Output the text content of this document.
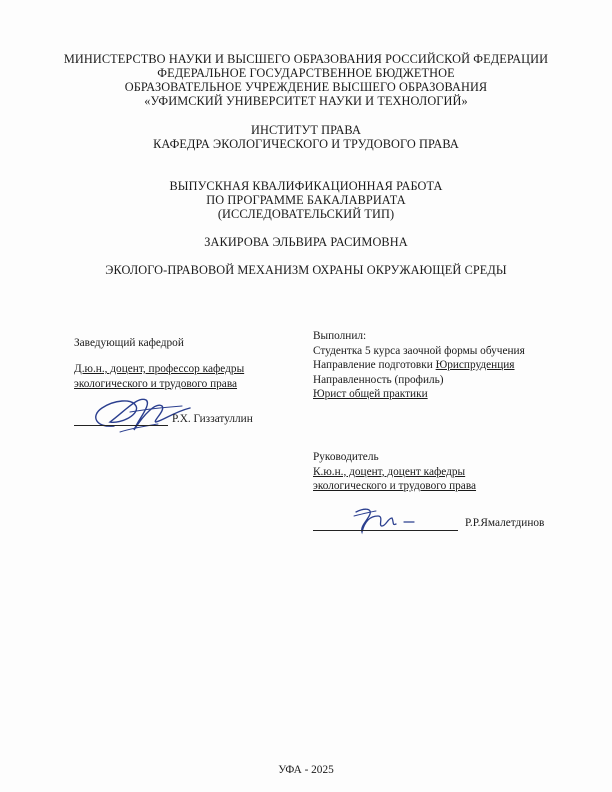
МИНИСТЕРСТВО НАУКИ И ВЫСШЕГО ОБРАЗОВАНИЯ РОССИЙСКОЙ ФЕДЕРАЦИИ
ФЕДЕРАЛЬНОЕ ГОСУДАРСТВЕННОЕ БЮДЖЕТНОЕ
ОБРАЗОВАТЕЛЬНОЕ УЧРЕЖДЕНИЕ ВЫСШЕГО ОБРАЗОВАНИЯ
«УФИМСКИЙ УНИВЕРСИТЕТ НАУКИ И ТЕХНОЛОГИЙ»
ИНСТИТУТ ПРАВА
КАФЕДРА ЭКОЛОГИЧЕСКОГО И ТРУДОВОГО ПРАВА
ВЫПУСКНАЯ КВАЛИФИКАЦИОННАЯ РАБОТА
ПО ПРОГРАММЕ БАКАЛАВРИАТА
(ИССЛЕДОВАТЕЛЬСКИЙ ТИП)
ЗАКИРОВА ЭЛЬВИРА РАСИМОВНА
ЭКОЛОГО-ПРАВОВОЙ МЕХАНИЗМ ОХРАНЫ ОКРУЖАЮЩЕЙ СРЕДЫ
Заведующий кафедрой
Д.ю.н., доцент, профессор кафедры
экологического и трудового права
Р.Х. Гиззатуллин
Выполнил:
Студентка 5 курса заочной формы обучения
Направление подготовки Юриспруденция
Направленность (профиль)
Юрист общей практики
Руководитель
К.ю.н., доцент, доцент кафедры
экологического и трудового права
Р.Р.Ямалетдинов
УФА - 2025
